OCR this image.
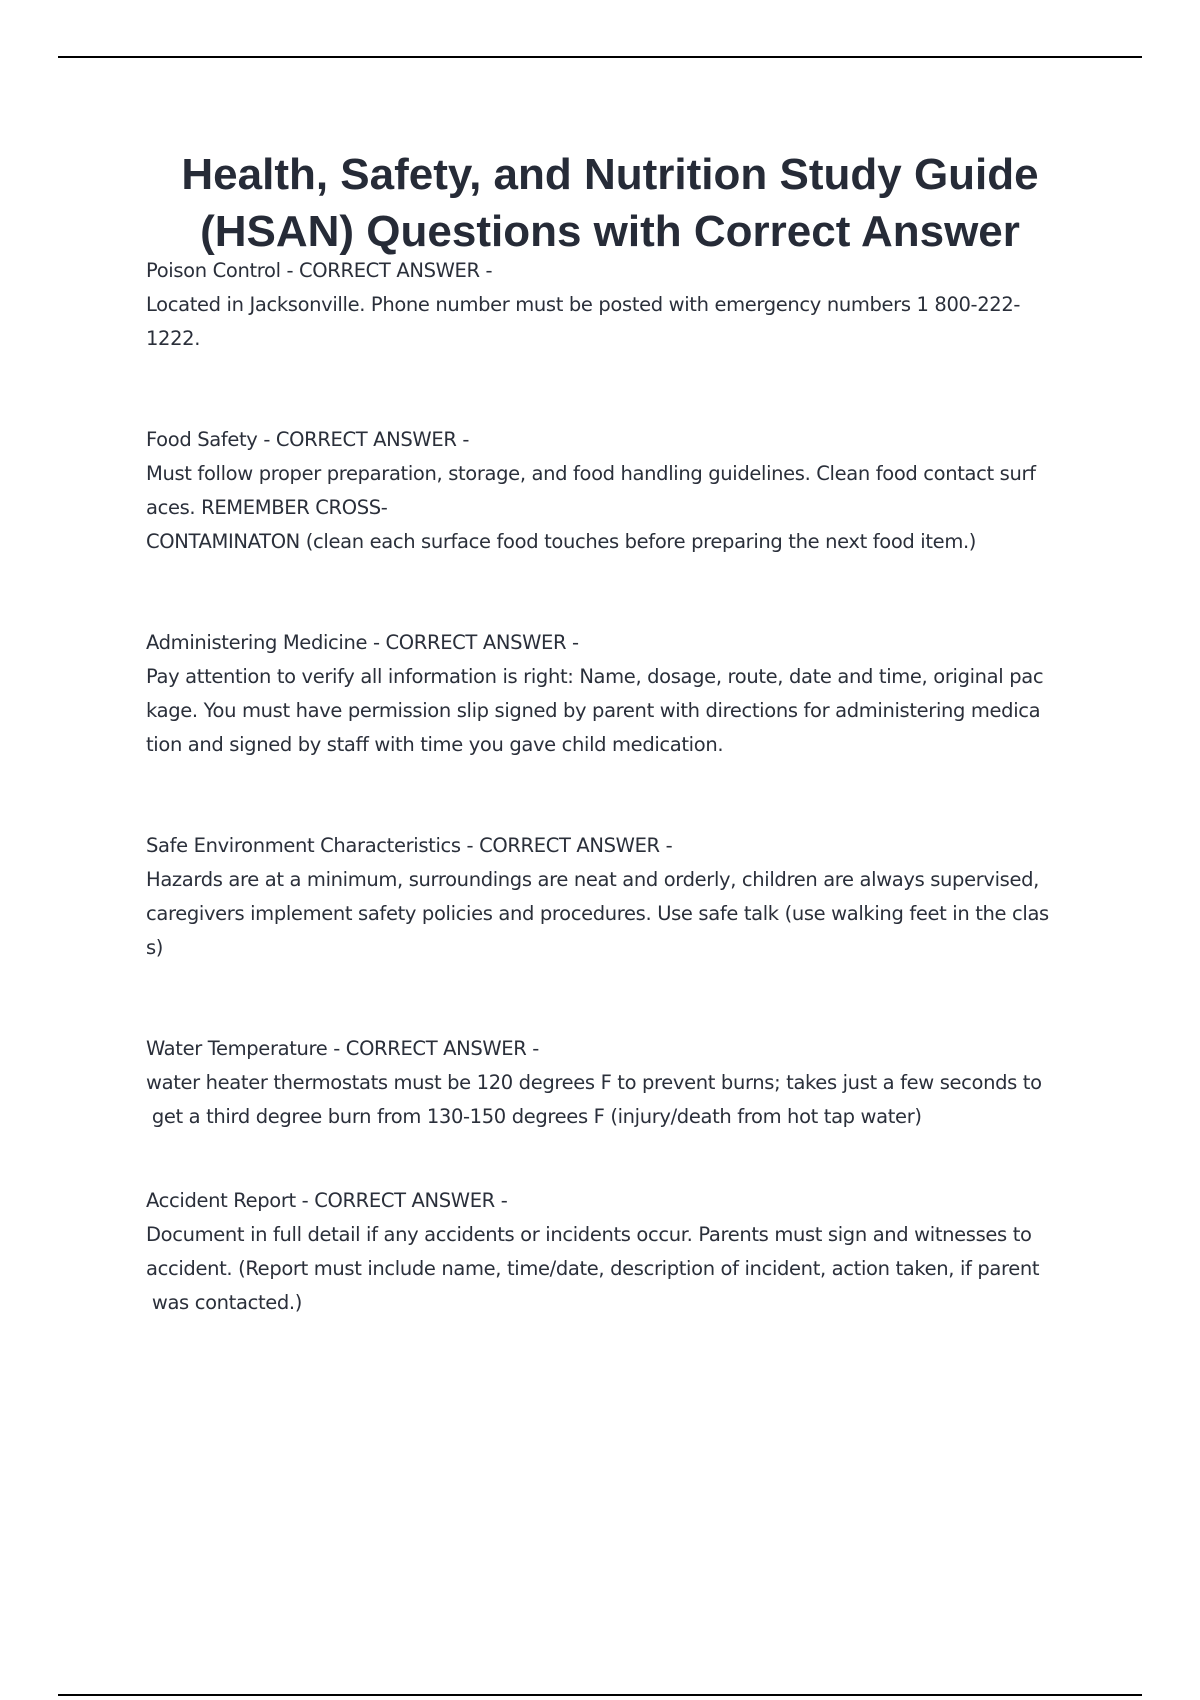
Health, Safety, and Nutrition Study Guide
(HSAN) Questions with Correct Answer
Poison Control - CORRECT ANSWER -
Located in Jacksonville. Phone number must be posted with emergency numbers 1 800-222-
1222.
Food Safety - CORRECT ANSWER -
Must follow proper preparation, storage, and food handling guidelines. Clean food contact surf
aces. REMEMBER CROSS-
CONTAMINATON (clean each surface food touches before preparing the next food item.)
Administering Medicine - CORRECT ANSWER -
Pay attention to verify all information is right: Name, dosage, route, date and time, original pac
kage. You must have permission slip signed by parent with directions for administering medica
tion and signed by staff with time you gave child medication.
Safe Environment Characteristics - CORRECT ANSWER -
Hazards are at a minimum, surroundings are neat and orderly, children are always supervised,
caregivers implement safety policies and procedures. Use safe talk (use walking feet in the clas
s)
Water Temperature - CORRECT ANSWER -
water heater thermostats must be 120 degrees F to prevent burns; takes just a few seconds to
get a third degree burn from 130-150 degrees F (injury/death from hot tap water)
Accident Report - CORRECT ANSWER -
Document in full detail if any accidents or incidents occur. Parents must sign and witnesses to
accident. (Report must include name, time/date, description of incident, action taken, if parent
was contacted.)
